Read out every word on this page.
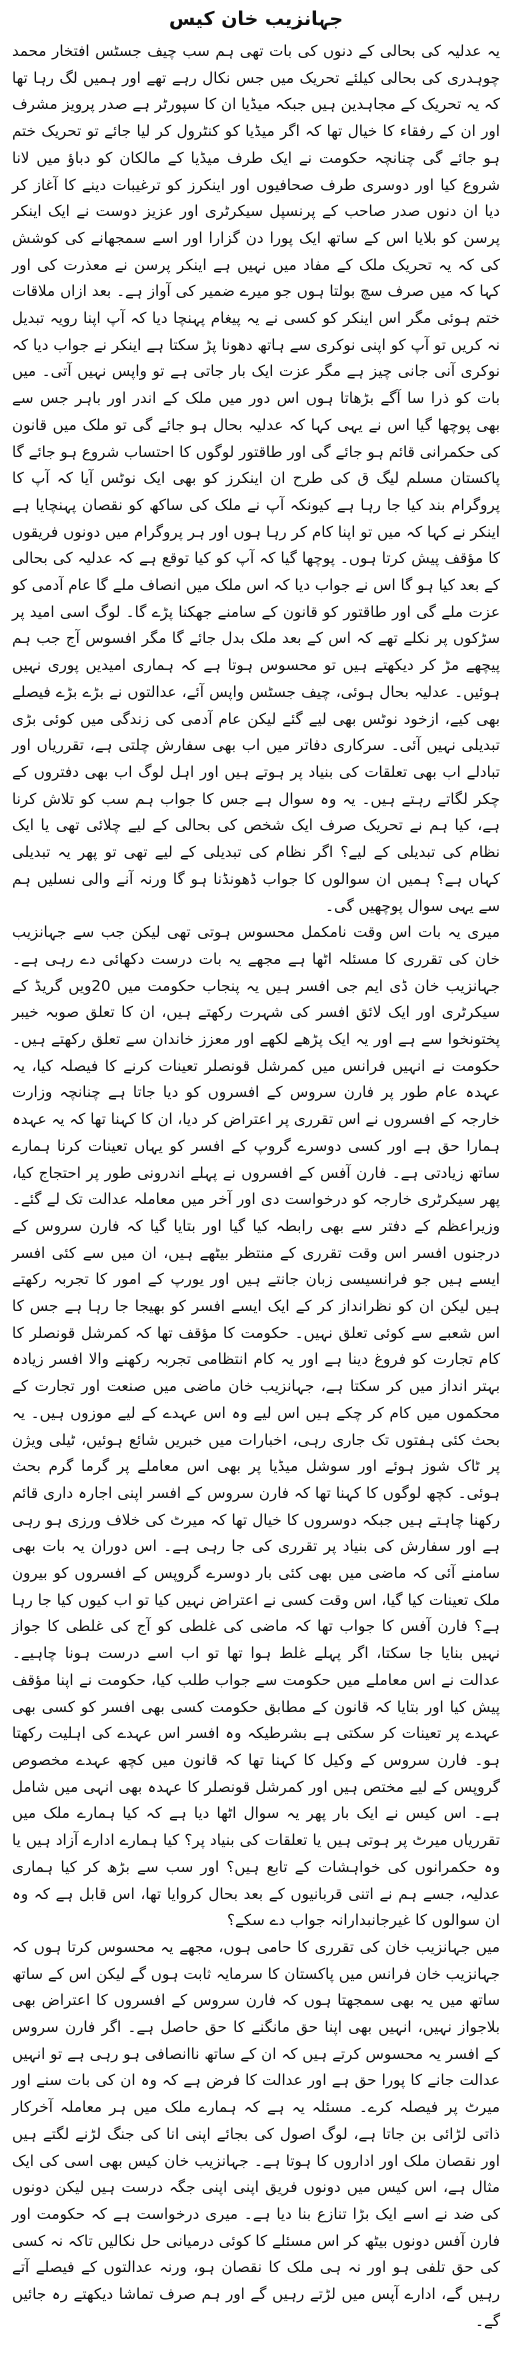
جہانزیب خان کیس

یہ عدلیہ کی بحالی کے دنوں کی بات تھی ہم سب چیف جسٹس افتخار محمد چوہدری کی بحالی کیلئے تحریک میں جس نکال رہے تھے اور ہمیں لگ رہا تھا کہ یہ تحریک کے مجاہدین ہیں جبکہ میڈیا ان کا سپورٹر ہے صدر پرویز مشرف اور ان کے رفقاء کا خیال تھا کہ اگر میڈیا کو کنٹرول کر لیا جائے تو تحریک ختم ہو جائے گی چنانچہ حکومت نے ایک طرف میڈیا کے مالکان کو دباؤ میں لانا شروع کیا اور دوسری طرف صحافیوں اور اینکرز کو ترغیبات دینے کا آغاز کر دیا ان دنوں صدر صاحب کے پرنسپل سیکرٹری اور عزیز دوست نے ایک اینکر پرسن کو بلایا اس کے ساتھ ایک پورا دن گزارا اور اسے سمجھانے کی کوشش کی کہ یہ تحریک ملک کے مفاد میں نہیں ہے اینکر پرسن نے معذرت کی اور کہا کہ میں صرف سچ بولتا ہوں جو میرے ضمیر کی آواز ہے۔ بعد ازاں ملاقات ختم ہوئی مگر اس اینکر کو کسی نے یہ پیغام پہنچا دیا کہ آپ اپنا رویہ تبدیل نہ کریں تو آپ کو اپنی نوکری سے ہاتھ دھونا پڑ سکتا ہے اینکر نے جواب دیا کہ نوکری آنی جانی چیز ہے مگر عزت ایک بار جاتی ہے تو واپس نہیں آتی۔ میں بات کو ذرا سا آگے بڑھاتا ہوں اس دور میں ملک کے اندر اور باہر جس سے بھی پوچھا گیا اس نے یہی کہا کہ عدلیہ بحال ہو جائے گی تو ملک میں قانون کی حکمرانی قائم ہو جائے گی اور طاقتور لوگوں کا احتساب شروع ہو جائے گا پاکستان مسلم لیگ ق کی طرح ان اینکرز کو بھی ایک نوٹس آیا کہ آپ کا پروگرام بند کیا جا رہا ہے کیونکہ آپ نے ملک کی ساکھ کو نقصان پہنچایا ہے اینکر نے کہا کہ میں تو اپنا کام کر رہا ہوں اور ہر پروگرام میں دونوں فریقوں کا مؤقف پیش کرتا ہوں۔ پوچھا گیا کہ آپ کو کیا توقع ہے کہ عدلیہ کی بحالی کے بعد کیا ہو گا اس نے جواب دیا کہ اس ملک میں انصاف ملے گا عام آدمی کو عزت ملے گی اور طاقتور کو قانون کے سامنے جھکنا پڑے گا۔ لوگ اسی امید پر سڑکوں پر نکلے تھے کہ اس کے بعد ملک بدل جائے گا مگر افسوس آج جب ہم پیچھے مڑ کر دیکھتے ہیں تو محسوس ہوتا ہے کہ ہماری امیدیں پوری نہیں ہوئیں۔ عدلیہ بحال ہوئی، چیف جسٹس واپس آئے، عدالتوں نے بڑے بڑے فیصلے بھی کیے، ازخود نوٹس بھی لیے گئے لیکن عام آدمی کی زندگی میں کوئی بڑی تبدیلی نہیں آئی۔ سرکاری دفاتر میں اب بھی سفارش چلتی ہے، تقرریاں اور تبادلے اب بھی تعلقات کی بنیاد پر ہوتے ہیں اور اہل لوگ اب بھی دفتروں کے چکر لگاتے رہتے ہیں۔ یہ وہ سوال ہے جس کا جواب ہم سب کو تلاش کرنا ہے، کیا ہم نے تحریک صرف ایک شخص کی بحالی کے لیے چلائی تھی یا ایک نظام کی تبدیلی کے لیے؟ اگر نظام کی تبدیلی کے لیے تھی تو پھر یہ تبدیلی کہاں ہے؟ ہمیں ان سوالوں کا جواب ڈھونڈنا ہو گا ورنہ آنے والی نسلیں ہم سے یہی سوال پوچھیں گی۔

میری یہ بات اس وقت نامکمل محسوس ہوتی تھی لیکن جب سے جہانزیب خان کی تقرری کا مسئلہ اٹھا ہے مجھے یہ بات درست دکھائی دے رہی ہے۔ جہانزیب خان ڈی ایم جی افسر ہیں یہ پنجاب حکومت میں 20ویں گریڈ کے سیکرٹری اور ایک لائق افسر کی شہرت رکھتے ہیں، ان کا تعلق صوبہ خیبر پختونخوا سے ہے اور یہ ایک پڑھے لکھے اور معزز خاندان سے تعلق رکھتے ہیں۔ حکومت نے انہیں فرانس میں کمرشل قونصلر تعینات کرنے کا فیصلہ کیا، یہ عہدہ عام طور پر فارن سروس کے افسروں کو دیا جاتا ہے چنانچہ وزارت خارجہ کے افسروں نے اس تقرری پر اعتراض کر دیا، ان کا کہنا تھا کہ یہ عہدہ ہمارا حق ہے اور کسی دوسرے گروپ کے افسر کو یہاں تعینات کرنا ہمارے ساتھ زیادتی ہے۔ فارن آفس کے افسروں نے پہلے اندرونی طور پر احتجاج کیا، پھر سیکرٹری خارجہ کو درخواست دی اور آخر میں معاملہ عدالت تک لے گئے۔ وزیراعظم کے دفتر سے بھی رابطہ کیا گیا اور بتایا گیا کہ فارن سروس کے درجنوں افسر اس وقت تقرری کے منتظر بیٹھے ہیں، ان میں سے کئی افسر ایسے ہیں جو فرانسیسی زبان جانتے ہیں اور یورپ کے امور کا تجربہ رکھتے ہیں لیکن ان کو نظرانداز کر کے ایک ایسے افسر کو بھیجا جا رہا ہے جس کا اس شعبے سے کوئی تعلق نہیں۔ حکومت کا مؤقف تھا کہ کمرشل قونصلر کا کام تجارت کو فروغ دینا ہے اور یہ کام انتظامی تجربہ رکھنے والا افسر زیادہ بہتر انداز میں کر سکتا ہے، جہانزیب خان ماضی میں صنعت اور تجارت کے محکموں میں کام کر چکے ہیں اس لیے وہ اس عہدے کے لیے موزوں ہیں۔ یہ بحث کئی ہفتوں تک جاری رہی، اخبارات میں خبریں شائع ہوئیں، ٹیلی ویژن پر ٹاک شوز ہوئے اور سوشل میڈیا پر بھی اس معاملے پر گرما گرم بحث ہوئی۔ کچھ لوگوں کا کہنا تھا کہ فارن سروس کے افسر اپنی اجارہ داری قائم رکھنا چاہتے ہیں جبکہ دوسروں کا خیال تھا کہ میرٹ کی خلاف ورزی ہو رہی ہے اور سفارش کی بنیاد پر تقرری کی جا رہی ہے۔ اس دوران یہ بات بھی سامنے آئی کہ ماضی میں بھی کئی بار دوسرے گروپس کے افسروں کو بیرون ملک تعینات کیا گیا، اس وقت کسی نے اعتراض نہیں کیا تو اب کیوں کیا جا رہا ہے؟ فارن آفس کا جواب تھا کہ ماضی کی غلطی کو آج کی غلطی کا جواز نہیں بنایا جا سکتا، اگر پہلے غلط ہوا تھا تو اب اسے درست ہونا چاہیے۔ عدالت نے اس معاملے میں حکومت سے جواب طلب کیا، حکومت نے اپنا مؤقف پیش کیا اور بتایا کہ قانون کے مطابق حکومت کسی بھی افسر کو کسی بھی عہدے پر تعینات کر سکتی ہے بشرطیکہ وہ افسر اس عہدے کی اہلیت رکھتا ہو۔ فارن سروس کے وکیل کا کہنا تھا کہ قانون میں کچھ عہدے مخصوص گروپس کے لیے مختص ہیں اور کمرشل قونصلر کا عہدہ بھی انہی میں شامل ہے۔ اس کیس نے ایک بار پھر یہ سوال اٹھا دیا ہے کہ کیا ہمارے ملک میں تقرریاں میرٹ پر ہوتی ہیں یا تعلقات کی بنیاد پر؟ کیا ہمارے ادارے آزاد ہیں یا وہ حکمرانوں کی خواہشات کے تابع ہیں؟ اور سب سے بڑھ کر کیا ہماری عدلیہ، جسے ہم نے اتنی قربانیوں کے بعد بحال کروایا تھا، اس قابل ہے کہ وہ ان سوالوں کا غیرجانبدارانہ جواب دے سکے؟

میں جہانزیب خان کی تقرری کا حامی ہوں، مجھے یہ محسوس کرتا ہوں کہ جہانزیب خان فرانس میں پاکستان کا سرمایہ ثابت ہوں گے لیکن اس کے ساتھ ساتھ میں یہ بھی سمجھتا ہوں کہ فارن سروس کے افسروں کا اعتراض بھی بلاجواز نہیں، انہیں بھی اپنا حق مانگنے کا حق حاصل ہے۔ اگر فارن سروس کے افسر یہ محسوس کرتے ہیں کہ ان کے ساتھ ناانصافی ہو رہی ہے تو انہیں عدالت جانے کا پورا حق ہے اور عدالت کا فرض ہے کہ وہ ان کی بات سنے اور میرٹ پر فیصلہ کرے۔ مسئلہ یہ ہے کہ ہمارے ملک میں ہر معاملہ آخرکار ذاتی لڑائی بن جاتا ہے، لوگ اصول کی بجائے اپنی انا کی جنگ لڑنے لگتے ہیں اور نقصان ملک اور اداروں کا ہوتا ہے۔ جہانزیب خان کیس بھی اسی کی ایک مثال ہے، اس کیس میں دونوں فریق اپنی اپنی جگہ درست ہیں لیکن دونوں کی ضد نے اسے ایک بڑا تنازع بنا دیا ہے۔ میری درخواست ہے کہ حکومت اور فارن آفس دونوں بیٹھ کر اس مسئلے کا کوئی درمیانی حل نکالیں تاکہ نہ کسی کی حق تلفی ہو اور نہ ہی ملک کا نقصان ہو، ورنہ عدالتوں کے فیصلے آتے رہیں گے، ادارے آپس میں لڑتے رہیں گے اور ہم صرف تماشا دیکھتے رہ جائیں گے۔
